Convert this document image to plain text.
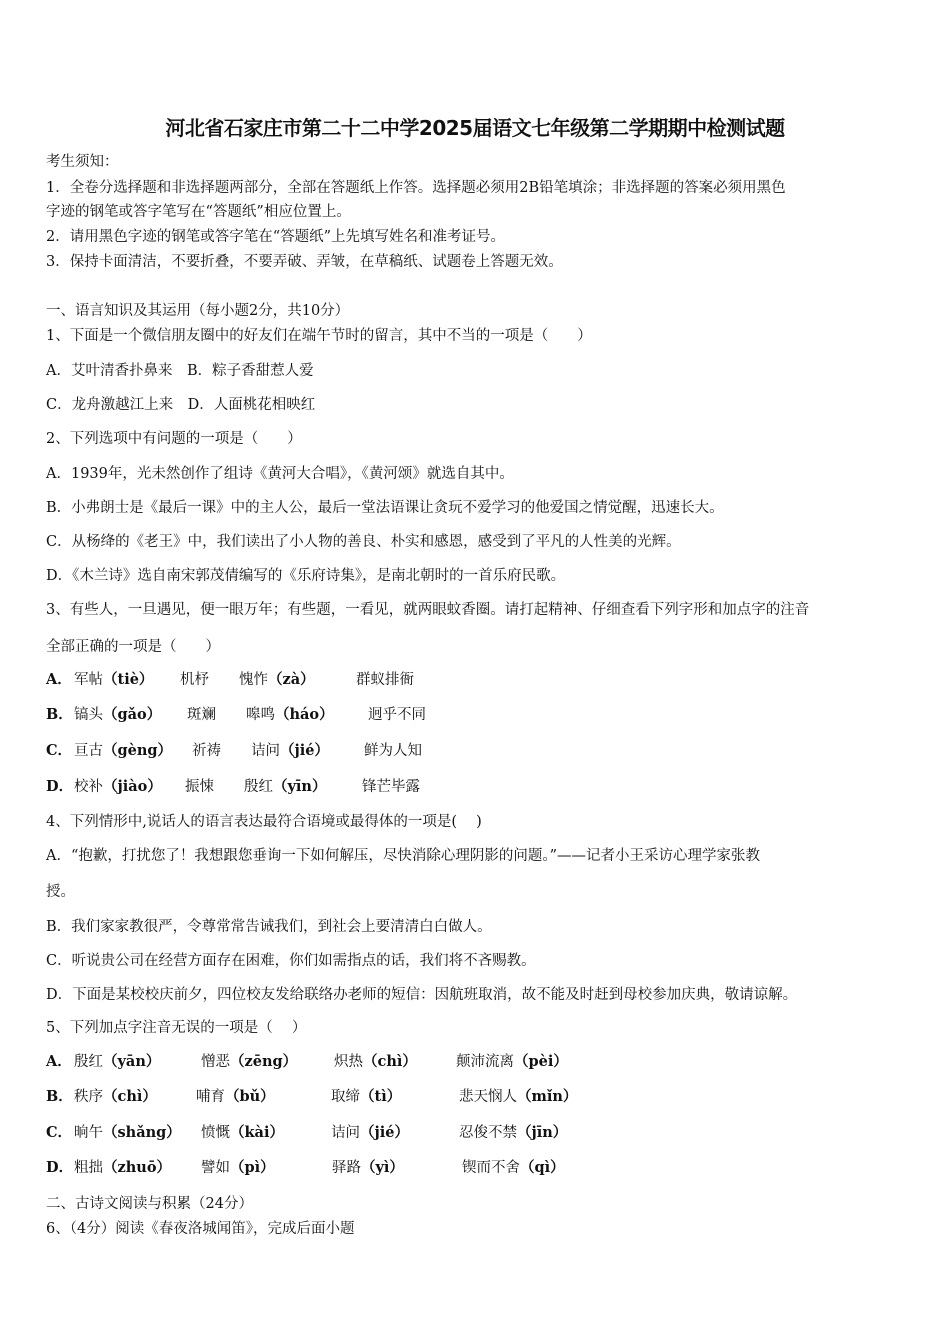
河北省石家庄市第二十二中学2025届语文七年级第二学期期中检测试题
考生须知：
1．全卷分选择题和非选择题两部分，全部在答题纸上作答。选择题必须用2B铅笔填涂；非选择题的答案必须用黑色
字迹的钢笔或答字笔写在“答题纸”相应位置上。
2．请用黑色字迹的钢笔或答字笔在“答题纸”上先填写姓名和准考证号。
3．保持卡面清洁，不要折叠，不要弄破、弄皱，在草稿纸、试题卷上答题无效。
一、语言知识及其运用（每小题2分，共10分）
1、下面是一个微信朋友圈中的好友们在端午节时的留言，其中不当的一项是（　　）
A．艾叶清香扑鼻来　B．粽子香甜惹人爱
C．龙舟激越江上来　D．人面桃花相映红
2、下列选项中有问题的一项是（　　）
A．1939年，光未然创作了组诗《黄河大合唱》，《黄河颂》就选自其中。
B．小弗朗士是《最后一课》中的主人公，最后一堂法语课让贪玩不爱学习的他爱国之情觉醒，迅速长大。
C．从杨绛的《老王》中，我们读出了小人物的善良、朴实和感恩，感受到了平凡的人性美的光辉。
D．《木兰诗》选自南宋郭茂倩编写的《乐府诗集》，是南北朝时的一首乐府民歌。
3、有些人，一旦遇见，便一眼万年；有些题，一看见，就两眼蚊香圈。请打起精神、仔细查看下列字形和加点字的注音
全部正确的一项是（　　）
A． 军帖 （tiè） 机杼 愧怍 （zà）	群蚁排衙
B． 镐头 （gǎo） 斑斓 嗥鸣 （háo） 迥乎不同
C． 亘古 （gèng） 祈祷 诘问 （jié） 鲜为人知
D． 校补 （jiào） 振悚 殷红 （yīn） 锋芒毕露
4、下列情形中,说话人的语言表达最符合语境或最得体的一项是(　 )
A．“抱歉，打扰您了！我想跟您垂询一下如何解压，尽快消除心理阴影的问题。”——记者小王采访心理学家张教
授。
B．我们家家教很严，令尊常常告诫我们，到社会上要清清白白做人。
C．听说贵公司在经营方面存在困难，你们如需指点的话，我们将不吝赐教。
D．下面是某校校庆前夕，四位校友发给联络办老师的短信：因航班取消，故不能及时赶到母校参加庆典，敬请谅解。
5、下列加点字注音无误的一项是（　 ）
A． 殷红 （yān）	憎恶 （zēng）	炽热 （chì）	颠沛流离 （pèi）
B． 秩序 （chì）	哺育 （bǔ）	取缔 （tì）	悲天悯人 （mǐn）
C． 晌午 （shǎng） 愤慨 （kài）	诘问 （jié）	忍俊不禁 （jīn）
D． 粗拙 （zhuō） 譬如 （pì）	驿路 （yì）	锲而不舍 （qì）
二、古诗文阅读与积累（24分）
6、（4分）阅读《春夜洛城闻笛》，完成后面小题
